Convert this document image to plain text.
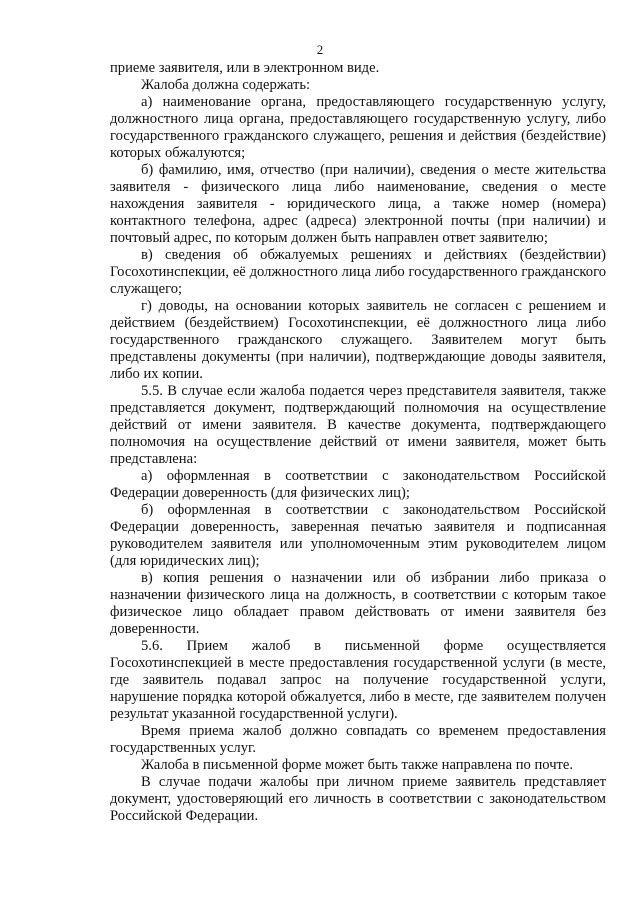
2

приеме заявителя, или в электронном виде.

Жалоба должна содержать:

а) наименование органа, предоставляющего государственную услугу, должностного лица органа, предоставляющего государственную услугу, либо государственного гражданского служащего, решения и действия (бездействие) которых обжалуются;

б) фамилию, имя, отчество (при наличии), сведения о месте жительства заявителя - физического лица либо наименование, сведения о месте нахождения заявителя - юридического лица, а также номер (номера) контактного телефона, адрес (адреса) электронной почты (при наличии) и почтовый адрес, по которым должен быть направлен ответ заявителю;

в) сведения об обжалуемых решениях и действиях (бездействии) Госохотинспекции, её должностного лица либо государственного гражданского служащего;

г) доводы, на основании которых заявитель не согласен с решением и действием (бездействием) Госохотинспекции, её должностного лица либо государственного гражданского служащего. Заявителем могут быть представлены документы (при наличии), подтверждающие доводы заявителя, либо их копии.

5.5. В случае если жалоба подается через представителя заявителя, также представляется документ, подтверждающий полномочия на осуществление действий от имени заявителя. В качестве документа, подтверждающего полномочия на осуществление действий от имени заявителя, может быть представлена:

а) оформленная в соответствии с законодательством Российской Федерации доверенность (для физических лиц);

б) оформленная в соответствии с законодательством Российской Федерации доверенность, заверенная печатью заявителя и подписанная руководителем заявителя или уполномоченным этим руководителем лицом (для юридических лиц);

в) копия решения о назначении или об избрании либо приказа о назначении физического лица на должность, в соответствии с которым такое физическое лицо обладает правом действовать от имени заявителя без доверенности.

5.6. Прием жалоб в письменной форме осуществляется Госохотинспекцией в месте предоставления государственной услуги (в месте, где заявитель подавал запрос на получение государственной услуги, нарушение порядка которой обжалуется, либо в месте, где заявителем получен результат указанной государственной услуги).

Время приема жалоб должно совпадать со временем предоставления государственных услуг.

Жалоба в письменной форме может быть также направлена по почте.

В случае подачи жалобы при личном приеме заявитель представляет документ, удостоверяющий его личность в соответствии с законодательством Российской Федерации.
